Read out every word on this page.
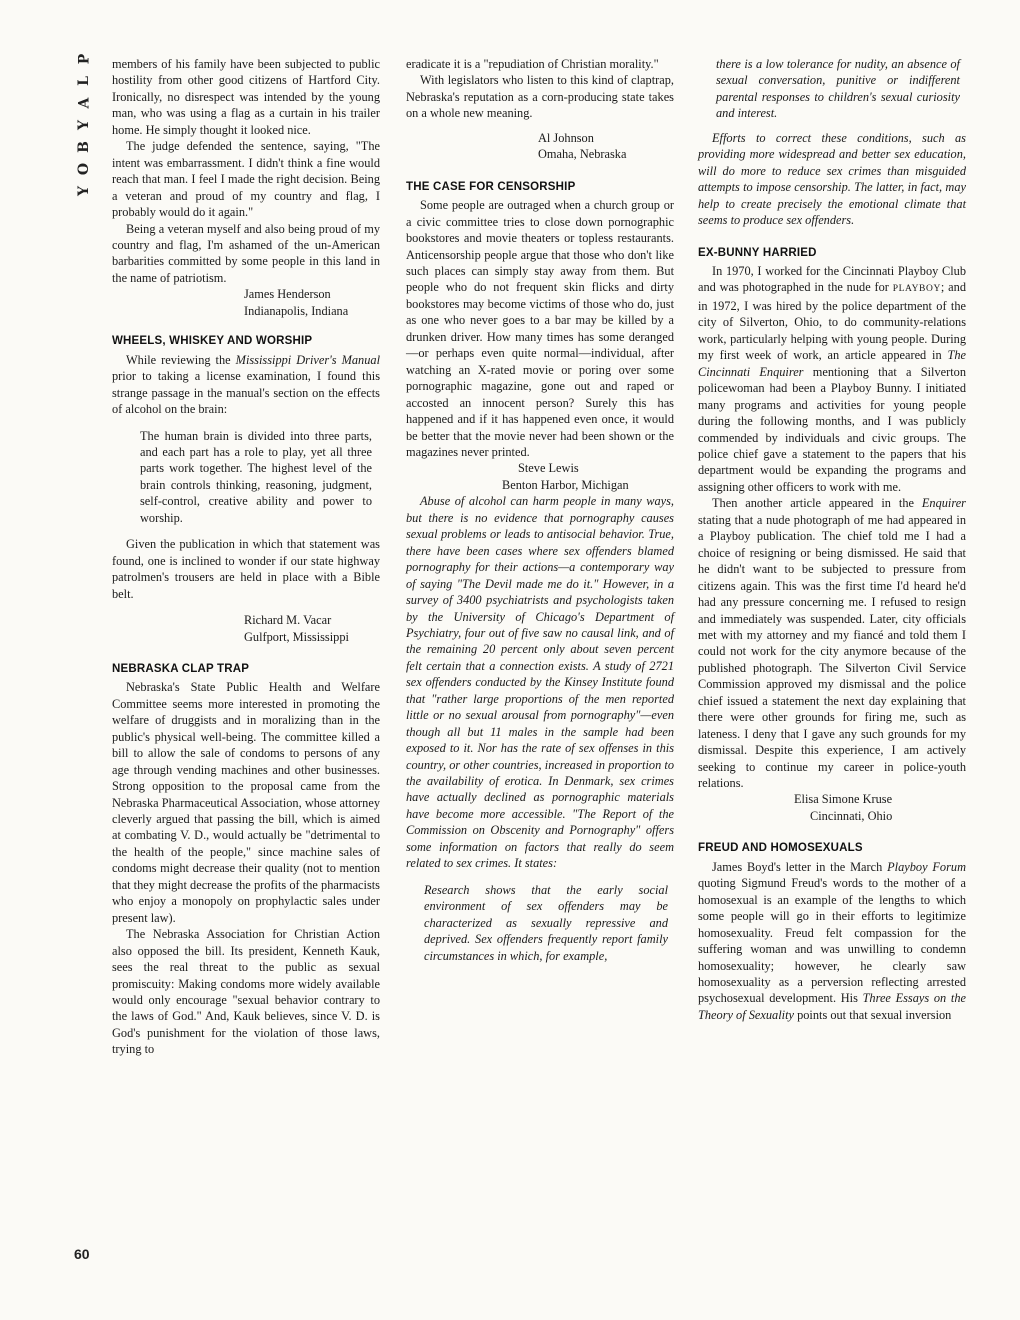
P
L
A
Y
B
O
Y
60

members of his family have been subjected to public hostility from other good citizens of Hartford City. Ironically, no disrespect was intended by the young man, who was using a flag as a curtain in his trailer home. He simply thought it looked nice.

The judge defended the sentence, saying, "The intent was embarrassment. I didn't think a fine would reach that man. I feel I made the right decision. Being a veteran and proud of my country and flag, I probably would do it again."

Being a veteran myself and also being proud of my country and flag, I'm ashamed of the un-American barbarities committed by some people in this land in the name of patriotism.

James Henderson

Indianapolis, Indiana

WHEELS, WHISKEY AND WORSHIP

While reviewing the Mississippi Driver's Manual prior to taking a license examination, I found this strange passage in the manual's section on the effects of alcohol on the brain:

The human brain is divided into three parts, and each part has a role to play, yet all three parts work together. The highest level of the brain controls thinking, reasoning, judgment, self-control, creative ability and power to worship.

Given the publication in which that statement was found, one is inclined to wonder if our state highway patrolmen's trousers are held in place with a Bible belt.

Richard M. Vacar

Gulfport, Mississippi

NEBRASKA CLAP TRAP

Nebraska's State Public Health and Welfare Committee seems more interested in promoting the welfare of druggists and in moralizing than in the public's physical well-being. The committee killed a bill to allow the sale of condoms to persons of any age through vending machines and other businesses. Strong opposition to the proposal came from the Nebraska Pharmaceutical Association, whose attorney cleverly argued that passing the bill, which is aimed at combating V. D., would actually be "detrimental to the health of the people," since machine sales of condoms might decrease their quality (not to mention that they might decrease the profits of the pharmacists who enjoy a monopoly on prophylactic sales under present law).

The Nebraska Association for Christian Action also opposed the bill. Its president, Kenneth Kauk, sees the real threat to the public as sexual promiscuity: Making condoms more widely available would only encourage "sexual behavior contrary to the laws of God." And, Kauk believes, since V. D. is God's punishment for the violation of those laws, trying to

eradicate it is a "repudiation of Christian morality."

With legislators who listen to this kind of claptrap, Nebraska's reputation as a corn-producing state takes on a whole new meaning.

Al Johnson

Omaha, Nebraska

THE CASE FOR CENSORSHIP

Some people are outraged when a church group or a civic committee tries to close down pornographic bookstores and movie theaters or topless restaurants. Anticensorship people argue that those who don't like such places can simply stay away from them. But people who do not frequent skin flicks and dirty bookstores may become victims of those who do, just as one who never goes to a bar may be killed by a drunken driver. How many times has some deranged—or perhaps even quite normal—individual, after watching an X-rated movie or poring over some pornographic magazine, gone out and raped or accosted an innocent person? Surely this has happened and if it has happened even once, it would be better that the movie never had been shown or the magazines never printed.

Steve Lewis

Benton Harbor, Michigan

Abuse of alcohol can harm people in many ways, but there is no evidence that pornography causes sexual problems or leads to antisocial behavior. True, there have been cases where sex offenders blamed pornography for their actions—a contemporary way of saying "The Devil made me do it." However, in a survey of 3400 psychiatrists and psychologists taken by the University of Chicago's Department of Psychiatry, four out of five saw no causal link, and of the remaining 20 percent only about seven percent felt certain that a connection exists. A study of 2721 sex offenders conducted by the Kinsey Institute found that "rather large proportions of the men reported little or no sexual arousal from pornography"—even though all but 11 males in the sample had been exposed to it. Nor has the rate of sex offenses in this country, or other countries, increased in proportion to the availability of erotica. In Denmark, sex crimes have actually declined as pornographic materials have become more accessible. "The Report of the Commission on Obscenity and Pornography" offers some information on factors that really do seem related to sex crimes. It states:

Research shows that the early social environment of sex offenders may be characterized as sexually repressive and deprived. Sex offenders frequently report family circumstances in which, for example,

there is a low tolerance for nudity, an absence of sexual conversation, punitive or indifferent parental responses to children's sexual curiosity and interest.

Efforts to correct these conditions, such as providing more widespread and better sex education, will do more to reduce sex crimes than misguided attempts to impose censorship. The latter, in fact, may help to create precisely the emotional climate that seems to produce sex offenders.

EX-BUNNY HARRIED

In 1970, I worked for the Cincinnati Playboy Club and was photographed in the nude for PLAYBOY; and in 1972, I was hired by the police department of the city of Silverton, Ohio, to do community-relations work, particularly helping with young people. During my first week of work, an article appeared in The Cincinnati Enquirer mentioning that a Silverton policewoman had been a Playboy Bunny. I initiated many programs and activities for young people during the following months, and I was publicly commended by individuals and civic groups. The police chief gave a statement to the papers that his department would be expanding the programs and assigning other officers to work with me.

Then another article appeared in the Enquirer stating that a nude photograph of me had appeared in a Playboy publication. The chief told me I had a choice of resigning or being dismissed. He said that he didn't want to be subjected to pressure from citizens again. This was the first time I'd heard he'd had any pressure concerning me. I refused to resign and immediately was suspended. Later, city officials met with my attorney and my fiancé and told them I could not work for the city anymore because of the published photograph. The Silverton Civil Service Commission approved my dismissal and the police chief issued a statement the next day explaining that there were other grounds for firing me, such as lateness. I deny that I gave any such grounds for my dismissal. Despite this experience, I am actively seeking to continue my career in police-youth relations.

Elisa Simone Kruse

Cincinnati, Ohio

FREUD AND HOMOSEXUALS

James Boyd's letter in the March Playboy Forum quoting Sigmund Freud's words to the mother of a homosexual is an example of the lengths to which some people will go in their efforts to legitimize homosexuality. Freud felt compassion for the suffering woman and was unwilling to condemn homosexuality; however, he clearly saw homosexuality as a perversion reflecting arrested psychosexual development. His Three Essays on the Theory of Sexuality points out that sexual inversion
